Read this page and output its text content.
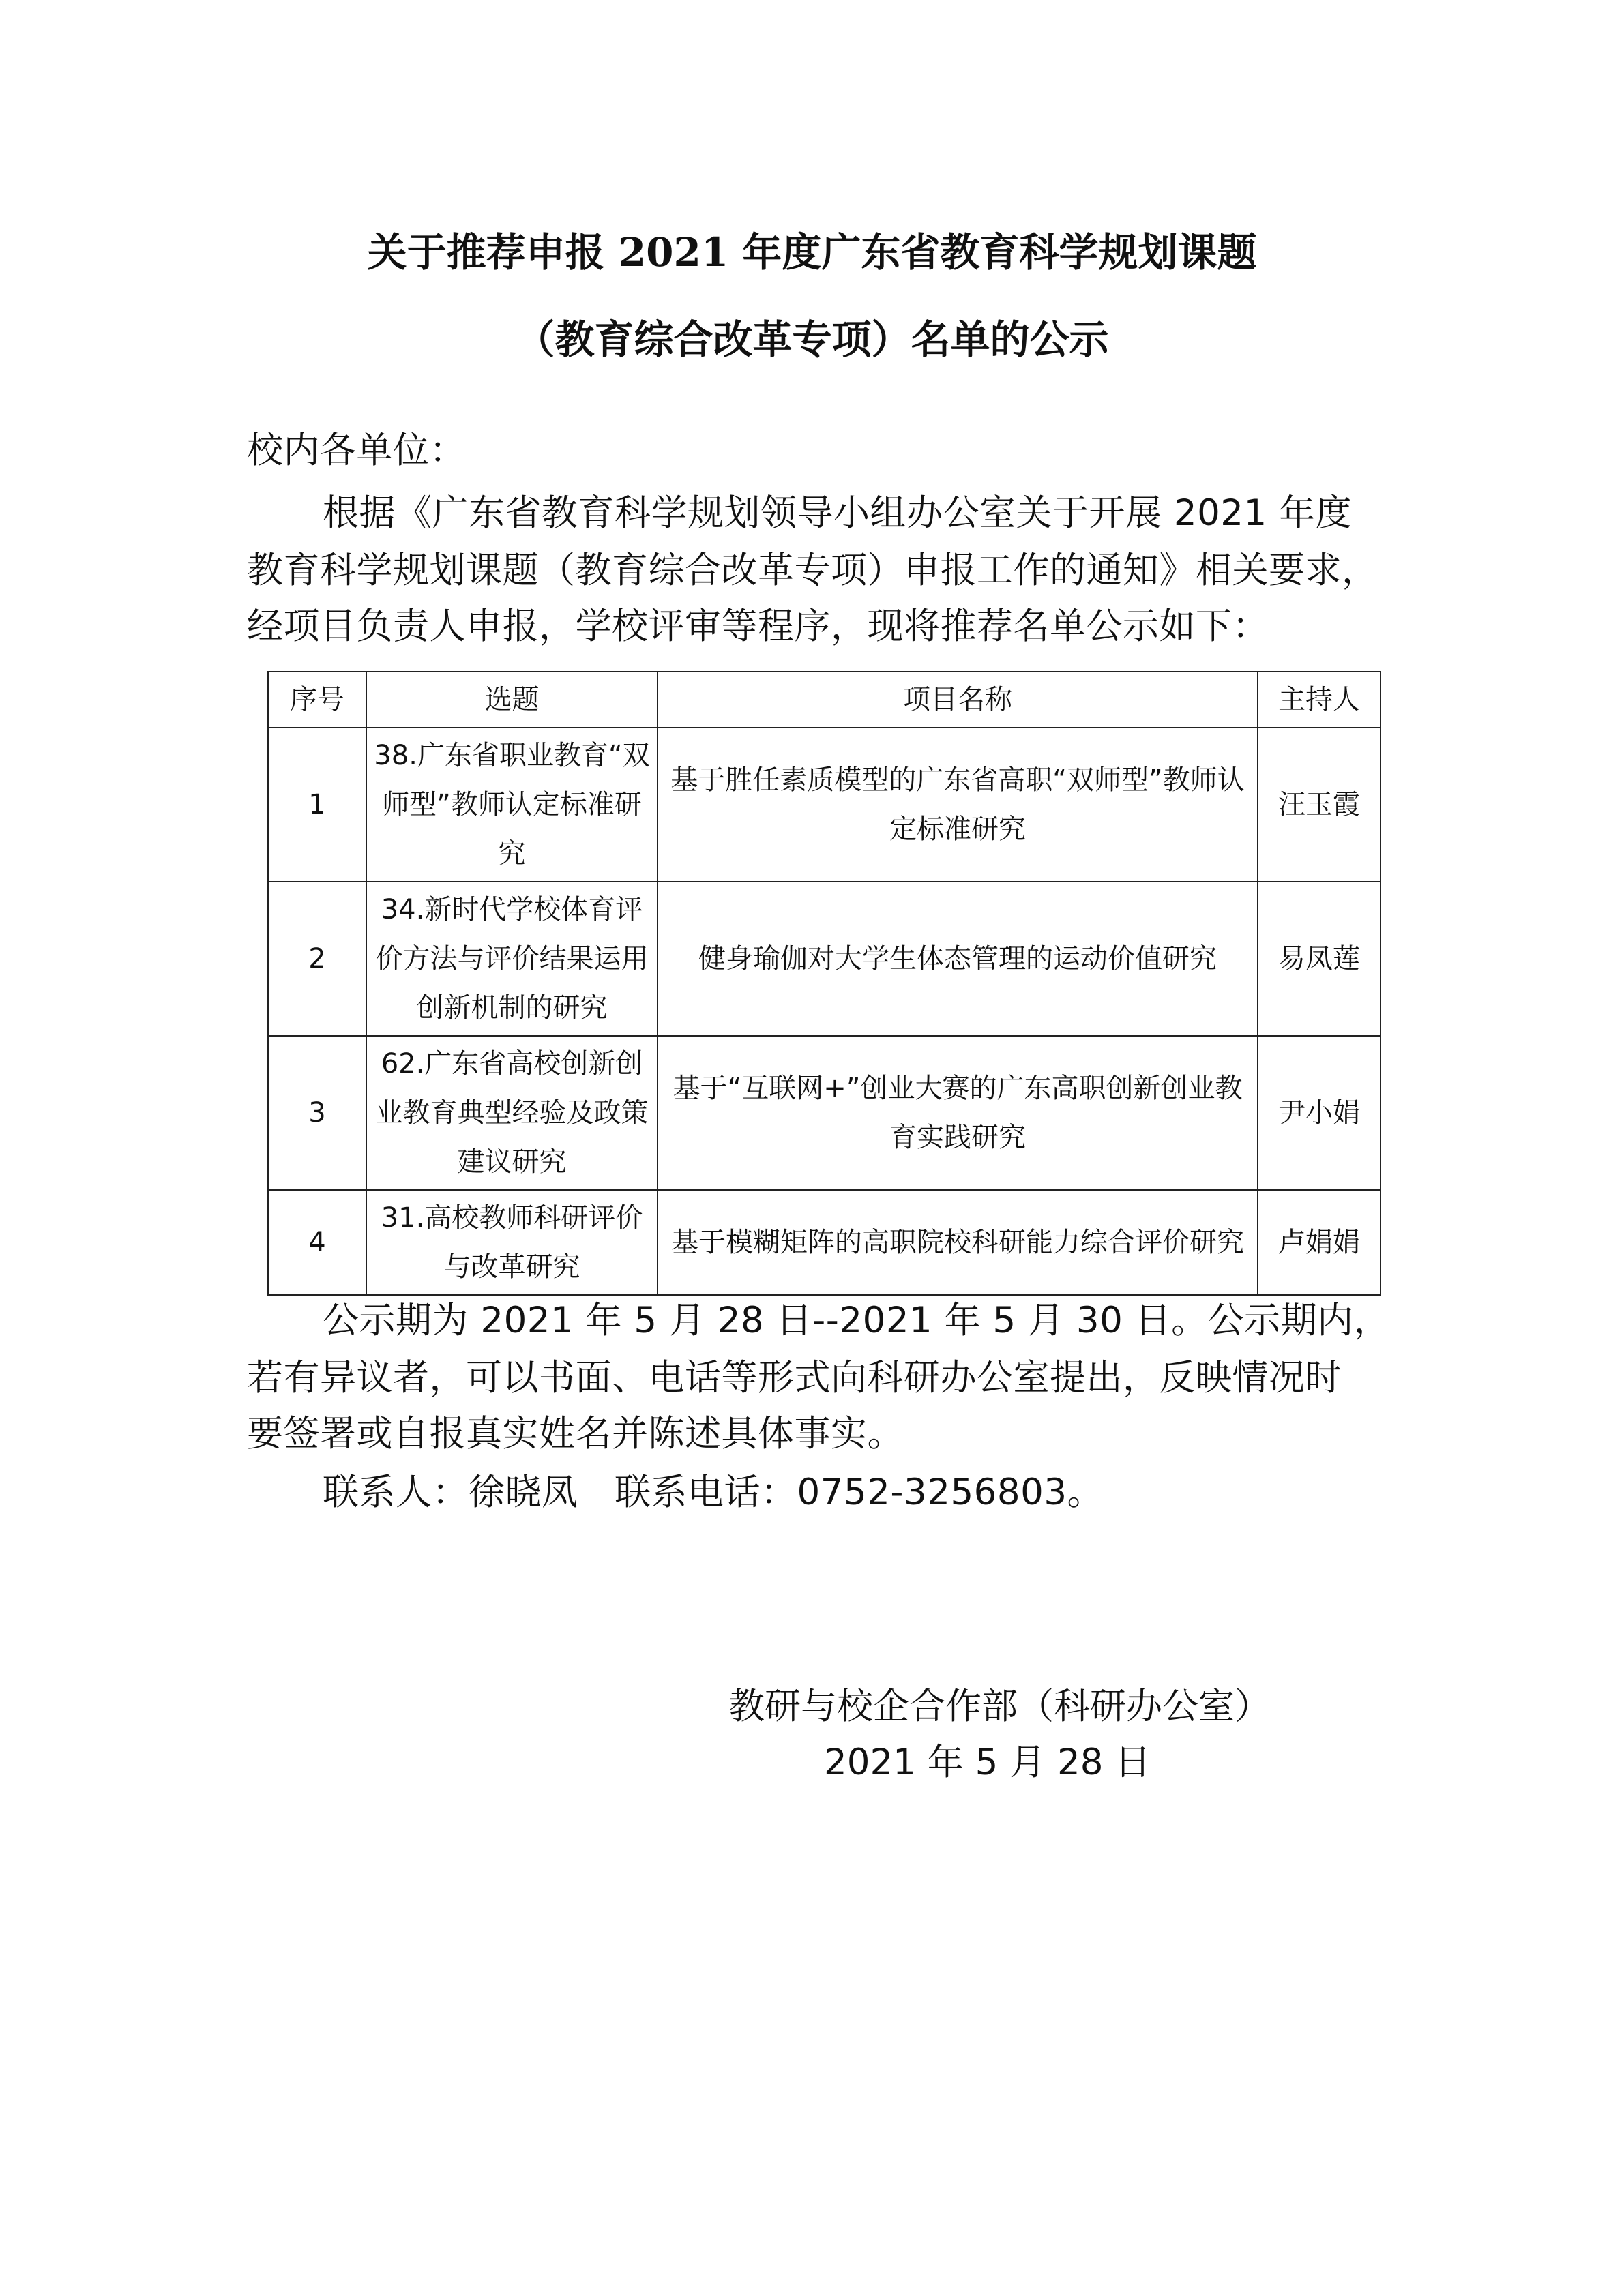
关于推荐申报 2021 年度广东省教育科学规划课题
（教育综合改革专项）名单的公示
校内各单位：
根据《广东省教育科学规划领导小组办公室关于开展 2021 年度
教育科学规划课题（教育综合改革专项）申报工作的通知》相关要求，
经项目负责人申报，学校评审等程序，现将推荐名单公示如下：
序号	选题	项目名称	主持人
1	38.广东省职业教育“双师型”教师认定标准研究	基于胜任素质模型的广东省高职“双师型”教师认定标准研究	汪玉霞
2	34.新时代学校体育评价方法与评价结果运用创新机制的研究	健身瑜伽对大学生体态管理的运动价值研究	易凤莲
3	62.广东省高校创新创业教育典型经验及政策建议研究	基于“互联网+”创业大赛的广东高职创新创业教育实践研究	尹小娟
4	31.高校教师科研评价与改革研究	基于模糊矩阵的高职院校科研能力综合评价研究	卢娟娟
公示期为 2021 年 5 月 28 日--2021 年 5 月 30 日。公示期内，
若有异议者，可以书面、电话等形式向科研办公室提出，反映情况时
要签署或自报真实姓名并陈述具体事实。
联系人：徐晓凤　联系电话：0752-3256803。
教研与校企合作部（科研办公室）
2021 年 5 月 28 日
